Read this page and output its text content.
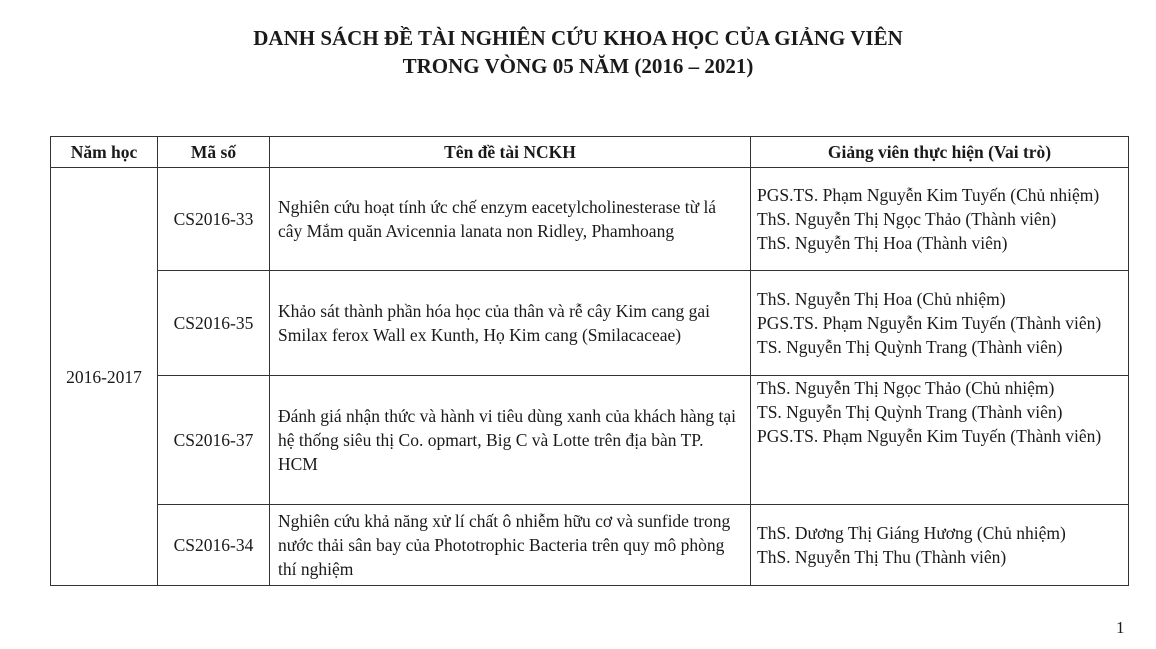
DANH SÁCH ĐỀ TÀI NGHIÊN CỨU KHOA HỌC CỦA GIẢNG VIÊN
TRONG VÒNG 05 NĂM (2016 – 2021)
Năm học	Mã số	Tên đề tài NCKH	Giảng viên thực hiện (Vai trò)
2016-2017	CS2016-33	Nghiên cứu hoạt tính ức chế enzym eacetylcholinesterase từ lá cây Mắm quăn Avicennia lanata non Ridley, Phamhoang	PGS.TS. Phạm Nguyễn Kim Tuyến (Chủ nhiệm)
ThS. Nguyễn Thị Ngọc Thảo (Thành viên)
ThS. Nguyễn Thị Hoa (Thành viên)

	CS2016-35	Khảo sát thành phần hóa học của thân và rễ cây Kim cang gai Smilax ferox Wall ex Kunth, Họ Kim cang (Smilacaceae)	ThS. Nguyễn Thị Hoa (Chủ nhiệm)
PGS.TS. Phạm Nguyễn Kim Tuyến (Thành viên)
TS. Nguyễn Thị Quỳnh Trang (Thành viên)

	CS2016-37	Đánh giá nhận thức và hành vi tiêu dùng xanh của khách hàng tại hệ thống siêu thị Co. opmart, Big C và Lotte trên địa bàn TP. HCM	ThS. Nguyễn Thị Ngọc Thảo (Chủ nhiệm)
TS. Nguyễn Thị Quỳnh Trang (Thành viên)
PGS.TS. Phạm Nguyễn Kim Tuyến (Thành viên)

	CS2016-34	Nghiên cứu khả năng xử lí chất ô nhiễm hữu cơ và sunfide trong nước thải sân bay của Phototrophic Bacteria trên quy mô phòng thí nghiệm	ThS. Dương Thị Giáng Hương (Chủ nhiệm)
ThS. Nguyễn Thị Thu (Thành viên)
1
